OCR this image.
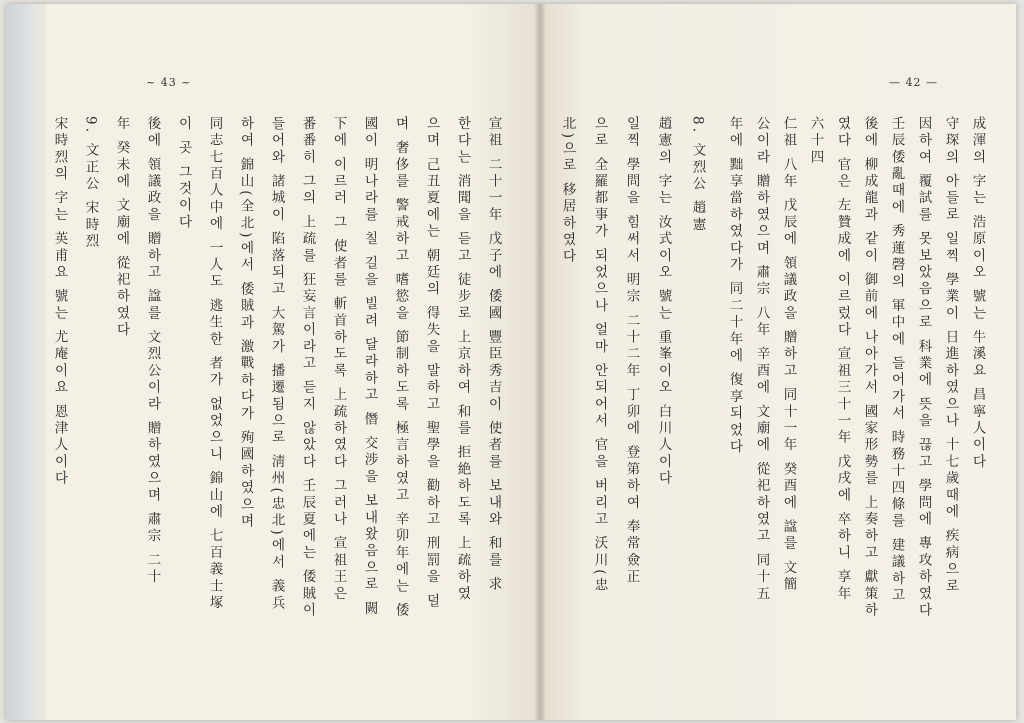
~ 43 ~
宣祖 二十一年 戊子에 倭國 豐臣秀吉이 使者를 보내와 和를 求
한다는 消聞을 듣고 徒步로 上京하여 和를 拒絶하도록 上疏하였
으며 己丑夏에는 朝廷의 得失을 말하고 聖學을 勸하고 刑罰을 덜
며 奢侈를 警戒하고 嗜慾을 節制하도록 極言하였고 辛卯年에는 倭
國이 明나라를 칠 길을 빌려 달라하고 僭 交涉을 보내왔음으로 闕
下에 이르러 그 使者를 斬首하도록 上疏하였다 그러나 宣祖王은
番番히 그의 上疏를 狂妄言이라고 듣지 않았다 壬辰夏에는 倭賊이
들어와 諸城이 陷落되고 大駕가 播遷됨으로 淸州(忠北)에서 義兵
하여 錦山(全北)에서 倭賊과 激戰하다가 殉國하였으며
同志七百人中에 一人도 逃生한 者가 없었으니 錦山에 七百義士塚
이 곳 그것이다
後에 領議政을 贈하고 諡를 文烈公이라 贈하였으며 肅宗 二十
年 癸未에 文廟에 從祀하였다
9. 文正公 宋時烈
宋時烈의 字는 英甫요 號는 尤庵이요 恩津人이다
— 42 —
成渾의 字는 浩原이오 號는 牛溪요 昌寧人이다
守琛의 아들로 일찍 學業이 日進하였으나 十七歲때에 疾病으로
因하여 覆試를 못보았음으로 科業에 뜻을 끊고 學問에 專攻하였다
壬辰倭亂때에 秀蓮磬의 軍中에 들어가서 時務十四條를 建議하고
後에 柳成龍과 같이 御前에 나아가서 國家形勢를 上奏하고 獻策하
였다 官은 左贊成에 이르렀다 宣祖三十一年 戊戌에 卒하니 享年
六十四
仁祖 八年 戊辰에 領議政을 贈하고 同十一年 癸酉에 諡를 文簡
公이라 贈하였으며 肅宗 八年 辛酉에 文廟에 從祀하였고 同十五
年에 黜享當하였다가 同二十年에 復享되었다
8. 文烈公 趙憲
趙憲의 字는 汝式이오 號는 重峯이오 白川人이다
일찍 學問을 힘써서 明宗 二十二年 丁卯에 登第하여 奉常僉正
으로 全羅都事가 되었으나 얼마 안되어서 官을 버리고 沃川(忠
北)으로 移居하였다
